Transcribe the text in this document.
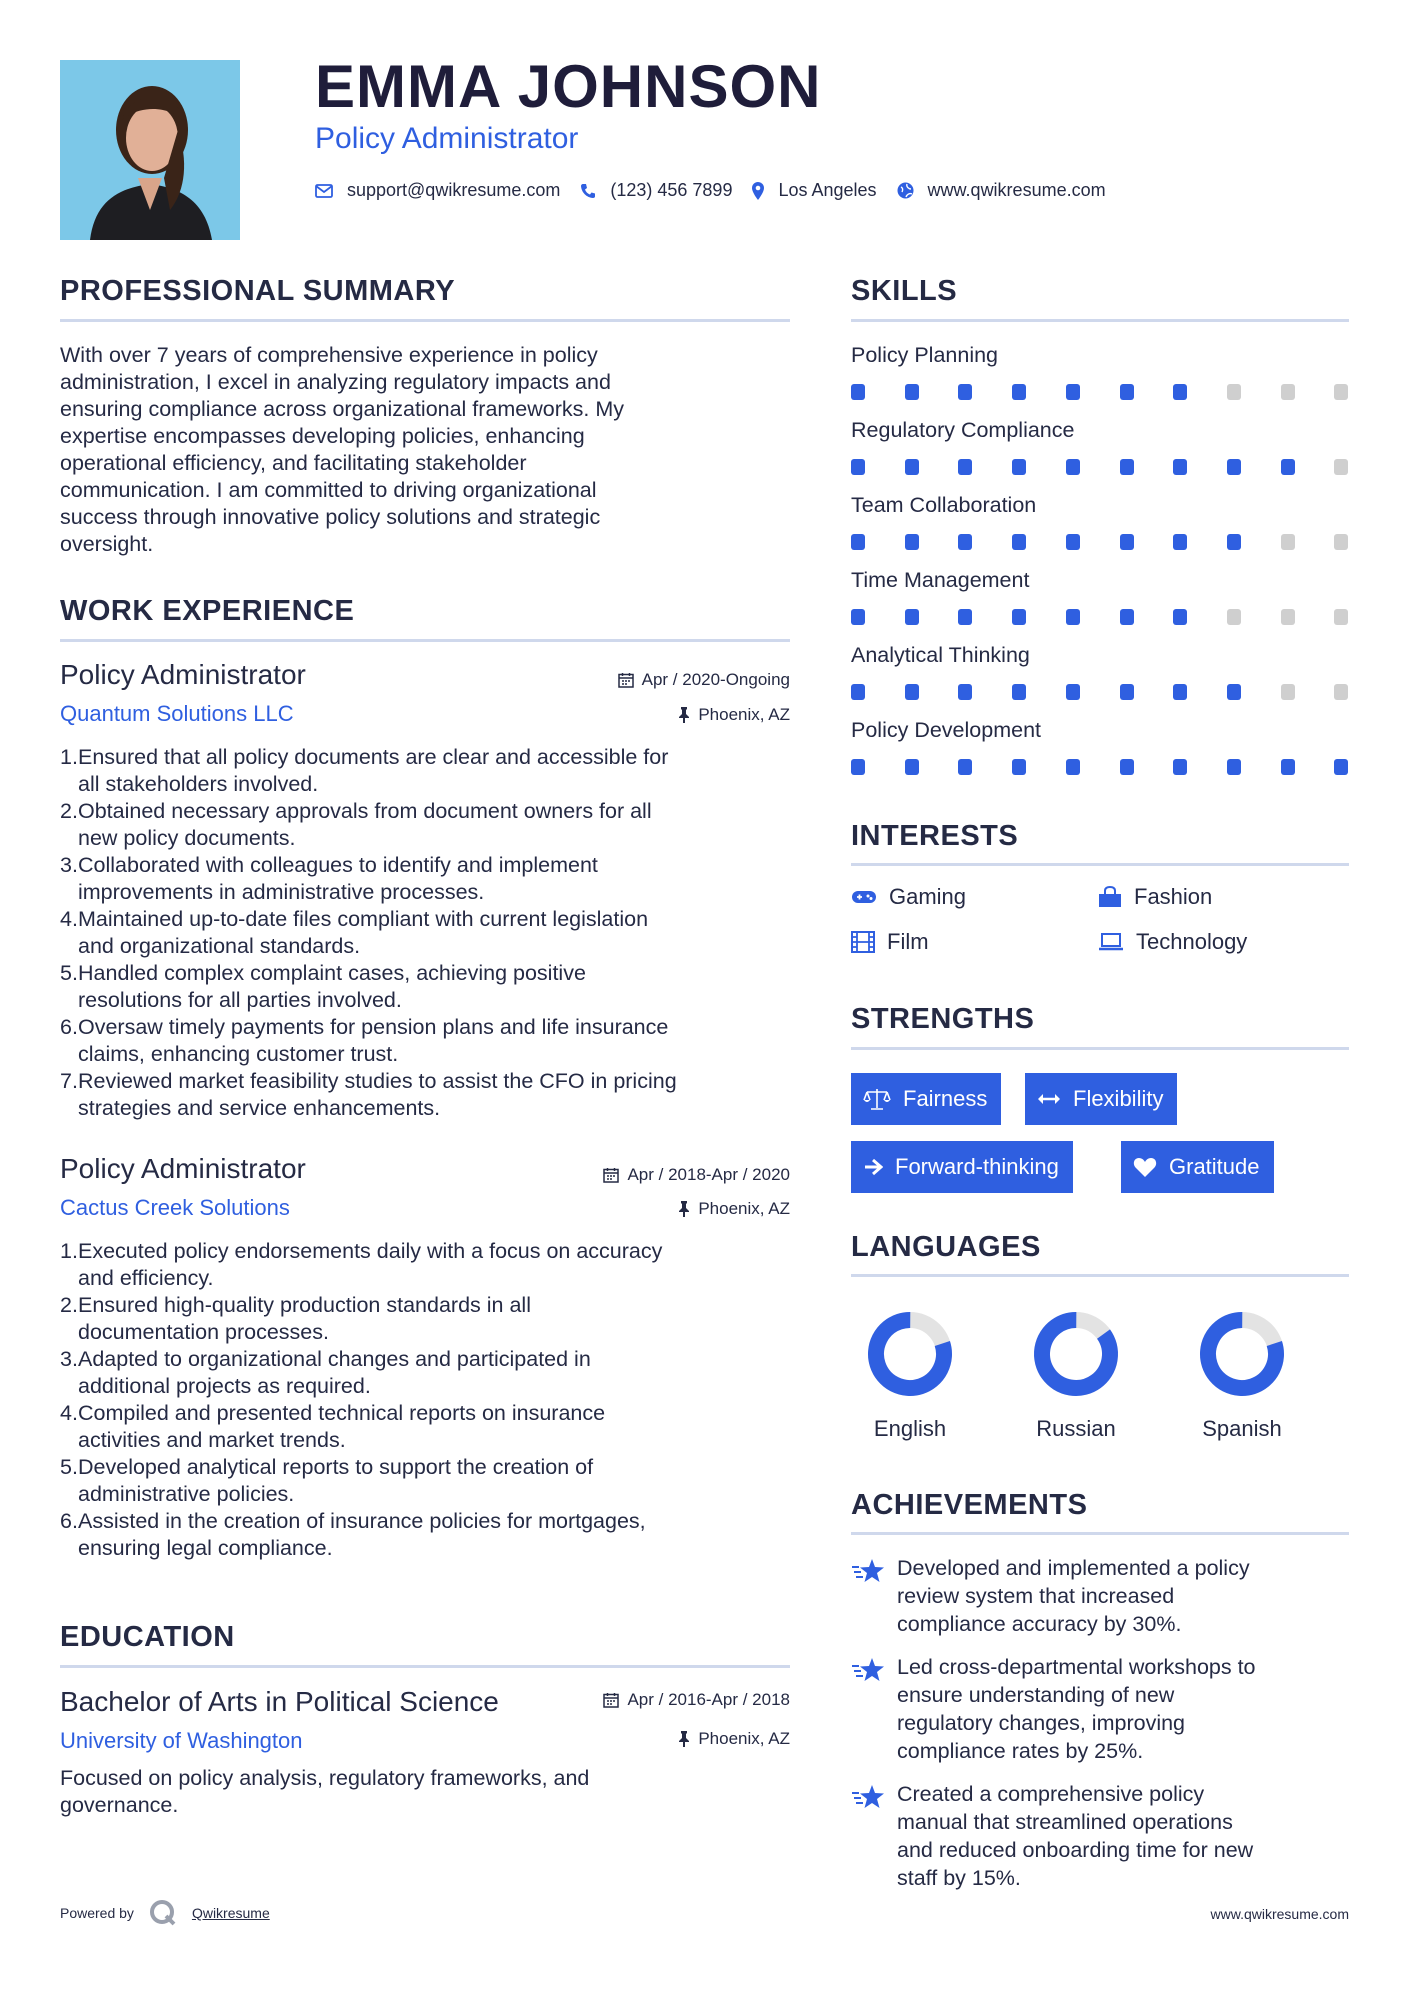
EMMA JOHNSON
Policy Administrator
support@qwikresume.com	(123) 456 7899	Los Angeles	www.qwikresume.com
PROFESSIONAL SUMMARY
With over 7 years of comprehensive experience in policy
administration, I excel in analyzing regulatory impacts and
ensuring compliance across organizational frameworks. My
expertise encompasses developing policies, enhancing
operational efficiency, and facilitating stakeholder
communication. I am committed to driving organizational
success through innovative policy solutions and strategic
oversight.
WORK EXPERIENCE
Policy Administrator
Quantum Solutions LLC
Apr / 2020-Ongoing
Phoenix, AZ
1. Ensured that all policy documents are clear and accessible for
all stakeholders involved.
2. Obtained necessary approvals from document owners for all
new policy documents.
3. Collaborated with colleagues to identify and implement
improvements in administrative processes.
4. Maintained up-to-date files compliant with current legislation
and organizational standards.
5. Handled complex complaint cases, achieving positive
resolutions for all parties involved.
6. Oversaw timely payments for pension plans and life insurance
claims, enhancing customer trust.
7. Reviewed market feasibility studies to assist the CFO in pricing
strategies and service enhancements.
Policy Administrator
Cactus Creek Solutions
Apr / 2018-Apr / 2020
Phoenix, AZ
1. Executed policy endorsements daily with a focus on accuracy
and efficiency.
2. Ensured high-quality production standards in all
documentation processes.
3. Adapted to organizational changes and participated in
additional projects as required.
4. Compiled and presented technical reports on insurance
activities and market trends.
5. Developed analytical reports to support the creation of
administrative policies.
6. Assisted in the creation of insurance policies for mortgages,
ensuring legal compliance.
EDUCATION
Bachelor of Arts in Political Science
University of Washington
Apr / 2016-Apr / 2018
Phoenix, AZ
Focused on policy analysis, regulatory frameworks, and
governance.
SKILLS
Policy Planning
Regulatory Compliance
Team Collaboration
Time Management
Analytical Thinking
Policy Development
INTERESTS
Gaming	Fashion
Film	Technology
STRENGTHS
Fairness	Flexibility
Forward-thinking	Gratitude
LANGUAGES
English	Russian	Spanish
ACHIEVEMENTS
Developed and implemented a policy
review system that increased
compliance accuracy by 30%.
Led cross-departmental workshops to
ensure understanding of new
regulatory changes, improving
compliance rates by 25%.
Created a comprehensive policy
manual that streamlined operations
and reduced onboarding time for new
staff by 15%.
Powered by	Qwikresume	www.qwikresume.com
